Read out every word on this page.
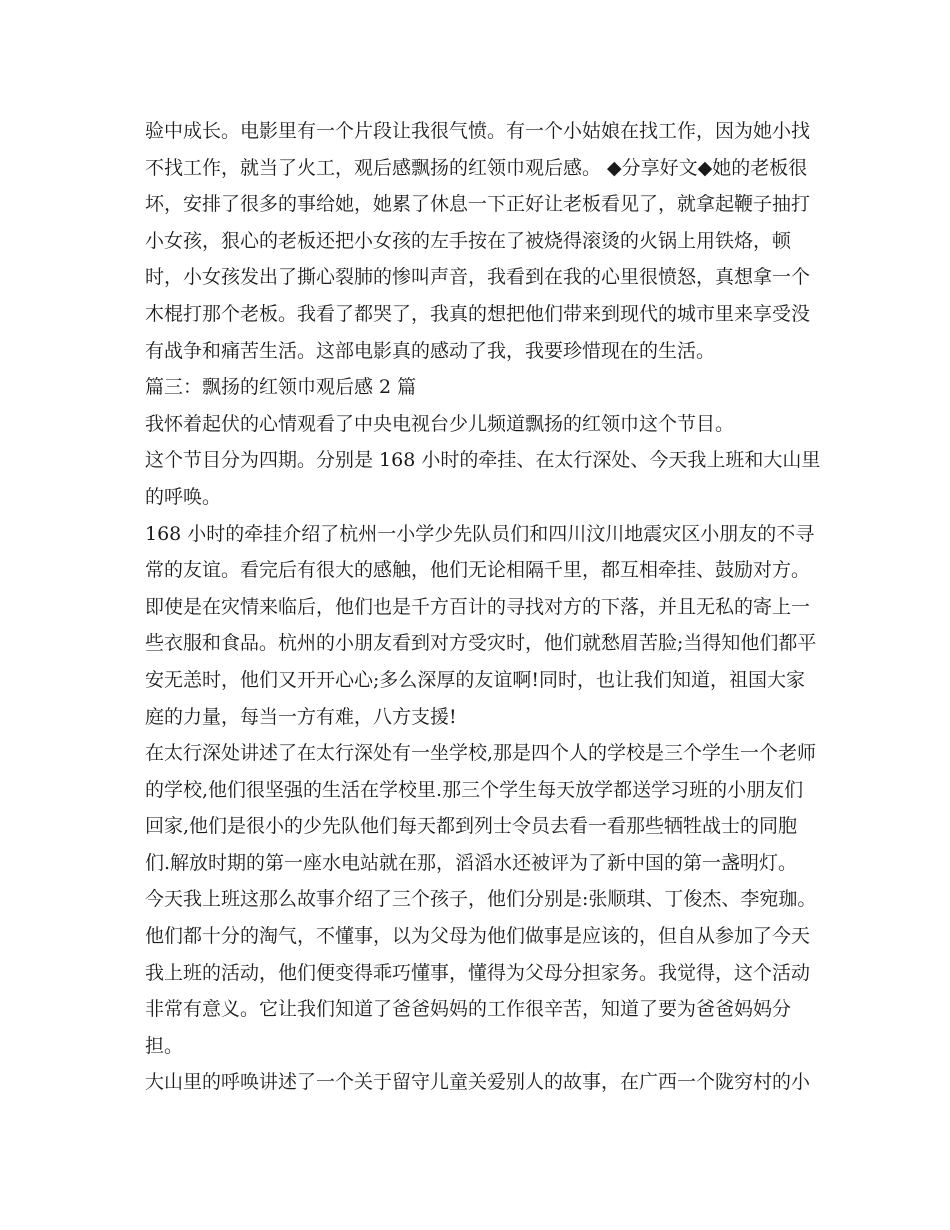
验中成长。电影里有一个片段让我很气愤。有一个小姑娘在找工作，因为她小找
不找工作，就当了火工，观后感飘扬的红领巾观后感。 ◆分享好文◆她的老板很
坏，安排了很多的事给她，她累了休息一下正好让老板看见了，就拿起鞭子抽打
小女孩，狠心的老板还把小女孩的左手按在了被烧得滚烫的火锅上用铁烙，顿
时，小女孩发出了撕心裂肺的惨叫声音，我看到在我的心里很愤怒，真想拿一个
木棍打那个老板。我看了都哭了，我真的想把他们带来到现代的城市里来享受没
有战争和痛苦生活。这部电影真的感动了我，我要珍惜现在的生活。
篇三：飘扬的红领巾观后感 2 篇
我怀着起伏的心情观看了中央电视台少儿频道飘扬的红领巾这个节目。
这个节目分为四期。分别是 168 小时的牵挂、在太行深处、今天我上班和大山里
的呼唤。
168 小时的牵挂介绍了杭州一小学少先队员们和四川汶川地震灾区小朋友的不寻
常的友谊。看完后有很大的感触，他们无论相隔千里，都互相牵挂、鼓励对方。
即使是在灾情来临后，他们也是千方百计的寻找对方的下落，并且无私的寄上一
些衣服和食品。杭州的小朋友看到对方受灾时，他们就愁眉苦脸;当得知他们都平
安无恙时，他们又开开心心;多么深厚的友谊啊!同时，也让我们知道，祖国大家
庭的力量，每当一方有难，八方支援!
在太行深处讲述了在太行深处有一坐学校,那是四个人的学校是三个学生一个老师
的学校,他们很坚强的生活在学校里.那三个学生每天放学都送学习班的小朋友们
回家,他们是很小的少先队他们每天都到列士令员去看一看那些牺牲战士的同胞
们.解放时期的第一座水电站就在那，滔滔水还被评为了新中国的第一盏明灯。
今天我上班这那么故事介绍了三个孩子，他们分别是:张顺琪、丁俊杰、李宛珈。
他们都十分的淘气，不懂事，以为父母为他们做事是应该的，但自从参加了今天
我上班的活动，他们便变得乖巧懂事，懂得为父母分担家务。我觉得，这个活动
非常有意义。它让我们知道了爸爸妈妈的工作很辛苦，知道了要为爸爸妈妈分
担。
大山里的呼唤讲述了一个关于留守儿童关爱别人的故事，在广西一个陇穷村的小
